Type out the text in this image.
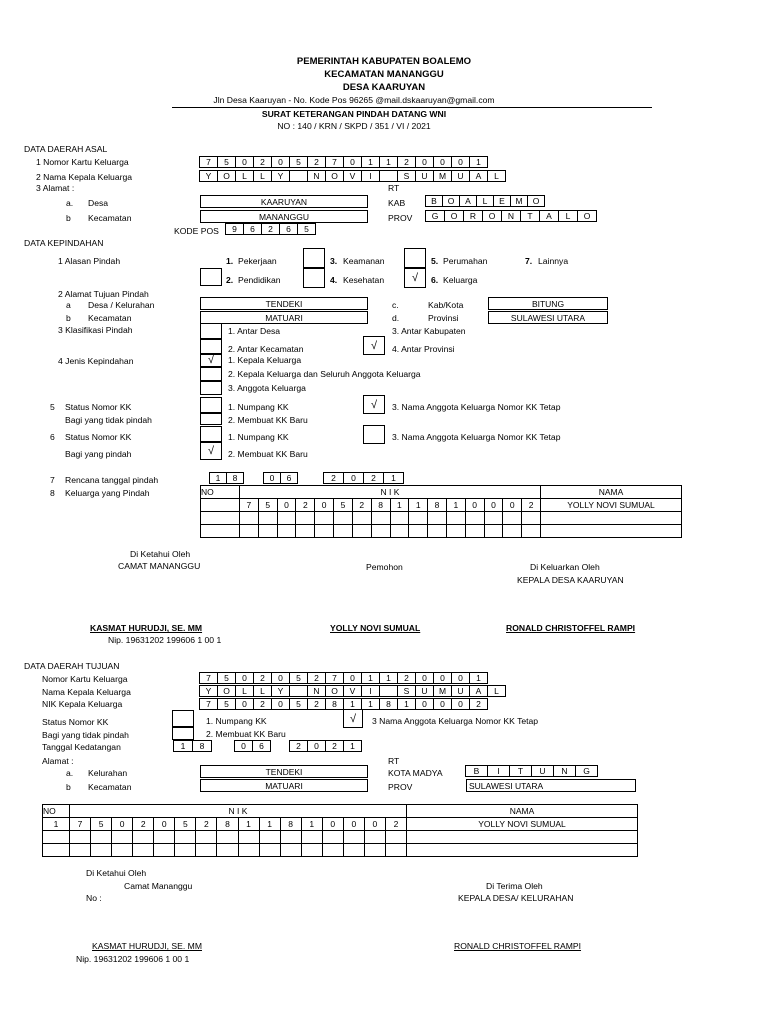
PEMERINTAH KABUPATEN BOALEMO
KECAMATAN MANANGGU
DESA KAARUYAN
Jln Desa Kaaruyan - No. Kode Pos 96265 @mail.dskaaruyan@gmail.com
SURAT KETERANGAN PINDAH DATANG WNI
NO : 140 / KRN / SKPD / 351 / VI / 2021
DATA DAERAH ASAL
1 Nomor Kartu Keluarga	7	5	0	2	0	5	2	7	0	1	1	2	0	0	0	1
2 Nama Kepala Keluarga	Y	O	L	L	Y	N	O	V	I	S	U	M	U	A	L
3 Alamat :	RT
a. Desa	KAARUYAN	KAB	B	O	A	L	E	M	O
b Kecamatan	MANANGGU	PROV	G	O	R	O	N	T	A	L	O
KODE POS	9	6	2	6	5
DATA KEPINDAHAN
1 Alasan Pindah	1. Pekerjaan	3. Keamanan	5. Perumahan	7. Lainnya
2. Pendidikan	4. Kesehatan	6. Keluarga
√
2 Alamat Tujuan Pindah
a Desa / Kelurahan	TENDEKI	c.	Kab/Kota	BITUNG
b Kecamatan	MATUARI	d.	Provinsi	SULAWESI UTARA
3 Klasifikasi Pindah	1. Antar Desa	3. Antar Kabupaten
2. Antar Kecamatan	√	4. Antar Provinsi
4 Jenis Kepindahan	√	1. Kepala Keluarga
2. Kepala Keluarga dan Seluruh Anggota Keluarga
3. Anggota Keluarga
5 Status Nomor KK
Bagi yang tidak pindah
1. Numpang KK
2. Membuat KK Baru
√	3. Nama Anggota Keluarga Nomor KK Tetap
6 Status Nomor KK
Bagi yang pindah
1. Numpang KK
√	2. Membuat KK Baru
3. Nama Anggota Keluarga Nomor KK Tetap
7 Rencana tanggal pindah	1	8	0	6	2	0	2	1
8 Keluarga yang Pindah	NO	N I K																NAMA
	7	5	0	2	0	5	2	8	1	1	8	1	0	0	0	2	YOLLY NOVI SUMUAL

Di Ketahui Oleh
CAMAT MANANGGU	Pemohon	Di Keluarkan Oleh
KEPALA DESA KAARUYAN
KASMAT HURUDJI, SE. MM
Nip. 19631202 199606 1 00 1
YOLLY NOVI SUMUAL	RONALD CHRISTOFFEL RAMPI
DATA DAERAH TUJUAN
Nomor Kartu Keluarga	7	5	0	2	0	5	2	7	0	1	1	2	0	0	0	1
Nama Kepala Keluarga	Y	O	L	L	Y	N	O	V	I	S	U	M	U	A	L
NIK Kepala Keluarga	7	5	0	2	0	5	2	8	1	1	8	1	0	0	0	2
Status Nomor KK
Bagi yang tidak pindah
1. Numpang KK
2. Membuat KK Baru
√	3 Nama Anggota Keluarga Nomor KK Tetap
Tanggal Kedatangan	1	8	0	6	2	0	2	1
Alamat :	RT
a. Kelurahan	TENDEKI	KOTA MADYA	B	I	T	U	N	G
b Kecamatan	MATUARI	PROV	SULAWESI UTARA
NO	N I K																NAMA
1	7	5	0	2	0	5	2	8	1	1	8	1	0	0	0	2	YOLLY NOVI SUMUAL

Di Ketahui Oleh
Camat Mananggu
No :
Di Terima Oleh
KEPALA DESA/ KELURAHAN
KASMAT HURUDJI, SE. MM
Nip. 19631202 199606 1 00 1
RONALD CHRISTOFFEL RAMPI
